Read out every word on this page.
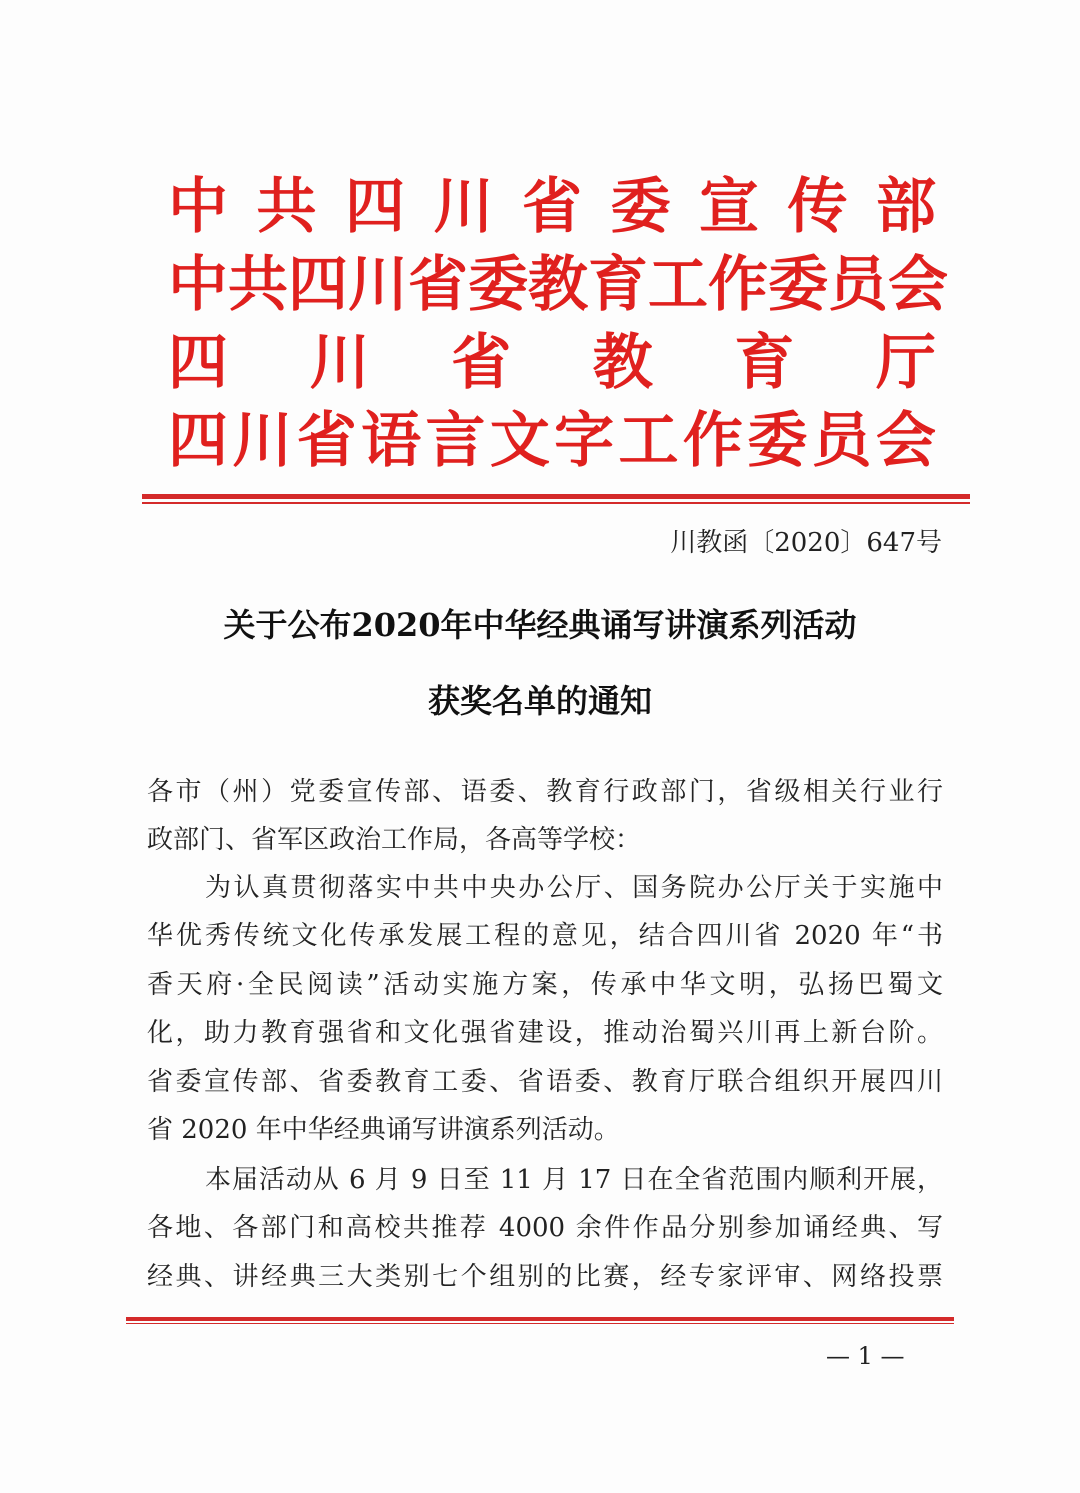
中共四川省委宣传部
中共四川省委教育工作委员会
四川省教育厅
四川省语言文字工作委员会
川教函〔2020〕647号
关于公布2020年中华经典诵写讲演系列活动
获奖名单的通知
各市（州）党委宣传部、语委、教育行政部门，省级相关行业行
政部门、省军区政治工作局，各高等学校：
为认真贯彻落实中共中央办公厅、国务院办公厅关于实施中
华优秀传统文化传承发展工程的意见，结合四川省 2020 年“书
香天府·全民阅读”活动实施方案，传承中华文明，弘扬巴蜀文
化，助力教育强省和文化强省建设，推动治蜀兴川再上新台阶。
省委宣传部、省委教育工委、省语委、教育厅联合组织开展四川
省 2020 年中华经典诵写讲演系列活动。
本届活动从 6 月 9 日至 11 月 17 日在全省范围内顺利开展，
各地、各部门和高校共推荐 4000 余件作品分别参加诵经典、写
经典、讲经典三大类别七个组别的比赛，经专家评审、网络投票
— 1 —
